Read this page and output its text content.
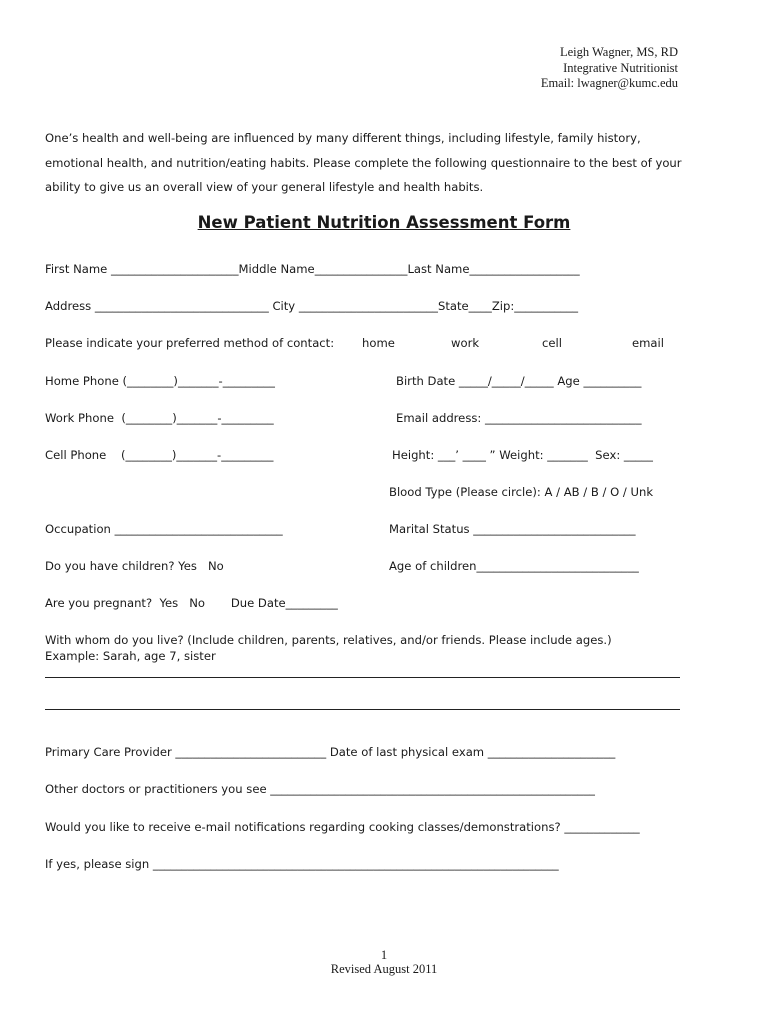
Leigh Wagner, MS, RD
Integrative Nutritionist
Email: lwagner@kumc.edu
One’s health and well-being are influenced by many different things, including lifestyle, family history, emotional health, and nutrition/eating habits. Please complete the following questionnaire to the best of your ability to give us an overall view of your general lifestyle and health habits.
New Patient Nutrition Assessment Form
First Name ______________________Middle Name________________Last Name___________________
Address ______________________________ City ________________________State____Zip:___________
Please indicate your preferred method of contact: home	work	cell	email
Home Phone (________)_______-_________	Birth Date _____/_____/_____ Age __________
Work Phone  (________)_______-_________	Email address: ___________________________
Cell Phone    (________)_______-_________	Height: ___’ ____ ” Weight: _______  Sex: _____
Blood Type (Please circle): A / AB / B / O / Unk
Occupation _____________________________	Marital Status ____________________________
Do you have children? Yes   No	Age of children____________________________
Are you pregnant?  Yes   No       Due Date_________
With whom do you live? (Include children, parents, relatives, and/or friends. Please include ages.)
Example: Sarah, age 7, sister
Primary Care Provider __________________________ Date of last physical exam ______________________
Other doctors or practitioners you see ________________________________________________________
Would you like to receive e-mail notifications regarding cooking classes/demonstrations? _____________
If yes, please sign ______________________________________________________________________
1
Revised August 2011
